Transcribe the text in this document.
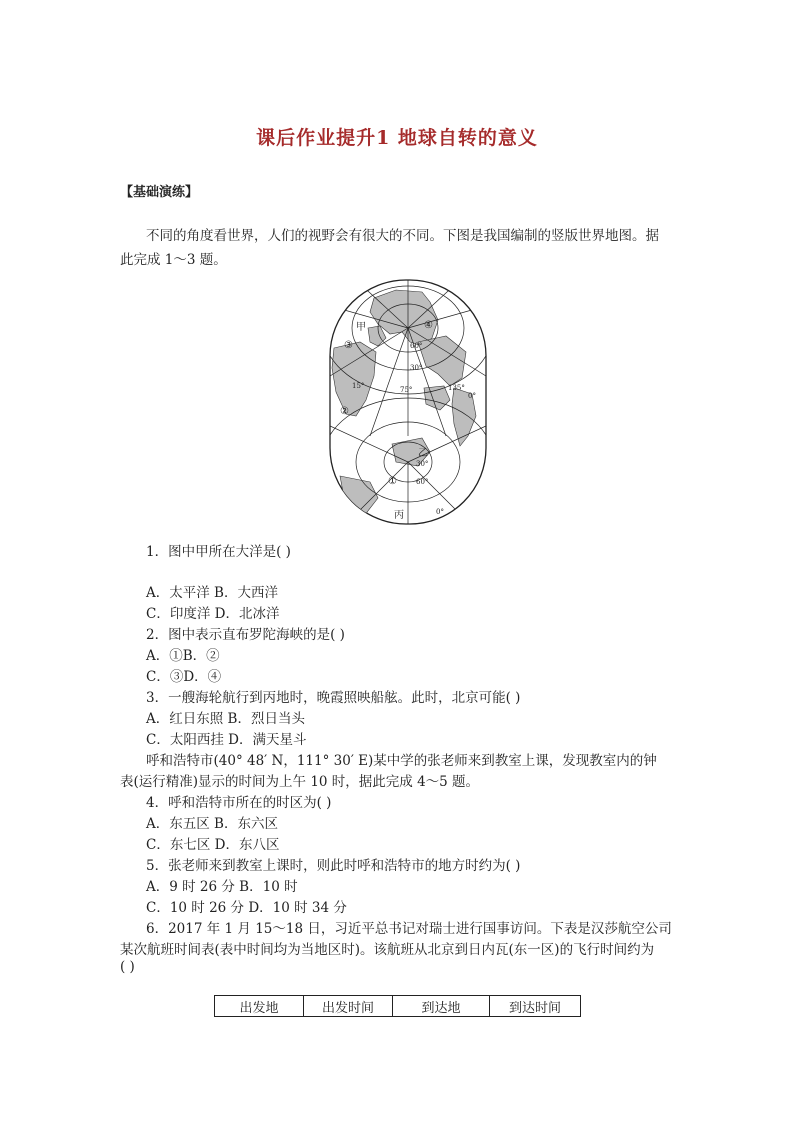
课后作业提升1 地球自转的意义
【基础演练】
不同的角度看世界，人们的视野会有很大的不同。下图是我国编制的竖版世界地图。据
此完成 1～3 题。
甲
乙
丙
①
②
③
④
60°
30°
15°	75°	135°
0°
30°
60°
0°
1．图中甲所在大洋是( )
A．太平洋 B．大西洋
C．印度洋 D．北冰洋
2．图中表示直布罗陀海峡的是( )
A．①B．②
C．③D．④
3．一艘海轮航行到丙地时，晚霞照映船舷。此时，北京可能( )
A．红日东照 B．烈日当头
C．太阳西挂 D．满天星斗
呼和浩特市(40° 48′ N，111° 30′ E)某中学的张老师来到教室上课，发现教室内的钟
表(运行精准)显示的时间为上午 10 时，据此完成 4～5 题。
4．呼和浩特市所在的时区为( )
A．东五区 B．东六区
C．东七区 D．东八区
5．张老师来到教室上课时，则此时呼和浩特市的地方时约为( )
A．9 时 26 分 B．10 时
C．10 时 26 分 D．10 时 34 分
6．2017 年 1 月 15～18 日，习近平总书记对瑞士进行国事访问。下表是汉莎航空公司
某次航班时间表(表中时间均为当地区时)。该航班从北京到日内瓦(东一区)的飞行时间约为
( )
出发地	出发时间	到达地	到达时间
